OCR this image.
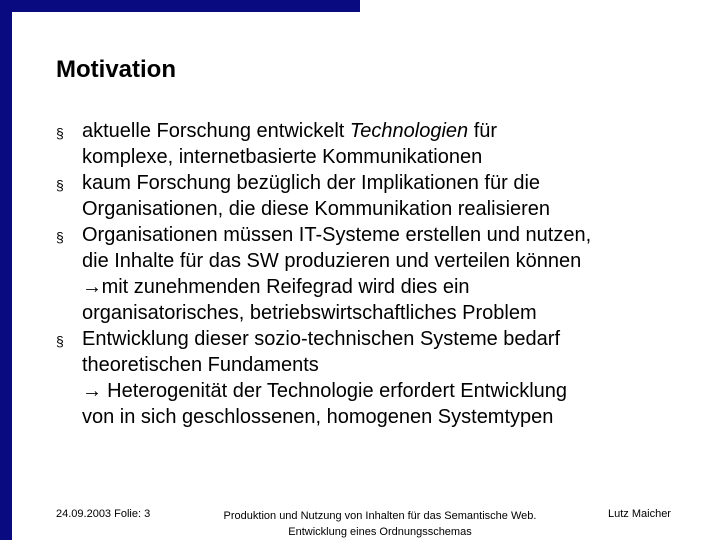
Motivation
§ aktuelle Forschung entwickelt Technologien für
komplexe, internetbasierte Kommunikationen
§ kaum Forschung bezüglich der Implikationen für die
Organisationen, die diese Kommunikation realisieren
§ Organisationen müssen IT-Systeme erstellen und nutzen,
die Inhalte für das SW produzieren und verteilen können
→ mit zunehmenden Reifegrad wird dies ein
organisatorisches, betriebswirtschaftliches Problem
§ Entwicklung dieser sozio-technischen Systeme bedarf
theoretischen Fundaments
→ Heterogenität der Technologie erfordert Entwicklung
von in sich geschlossenen, homogenen Systemtypen
24.09.2003 Folie: 3	Produktion und Nutzung von Inhalten für das Semantische Web.
Entwicklung eines Ordnungsschemas
Lutz Maicher
